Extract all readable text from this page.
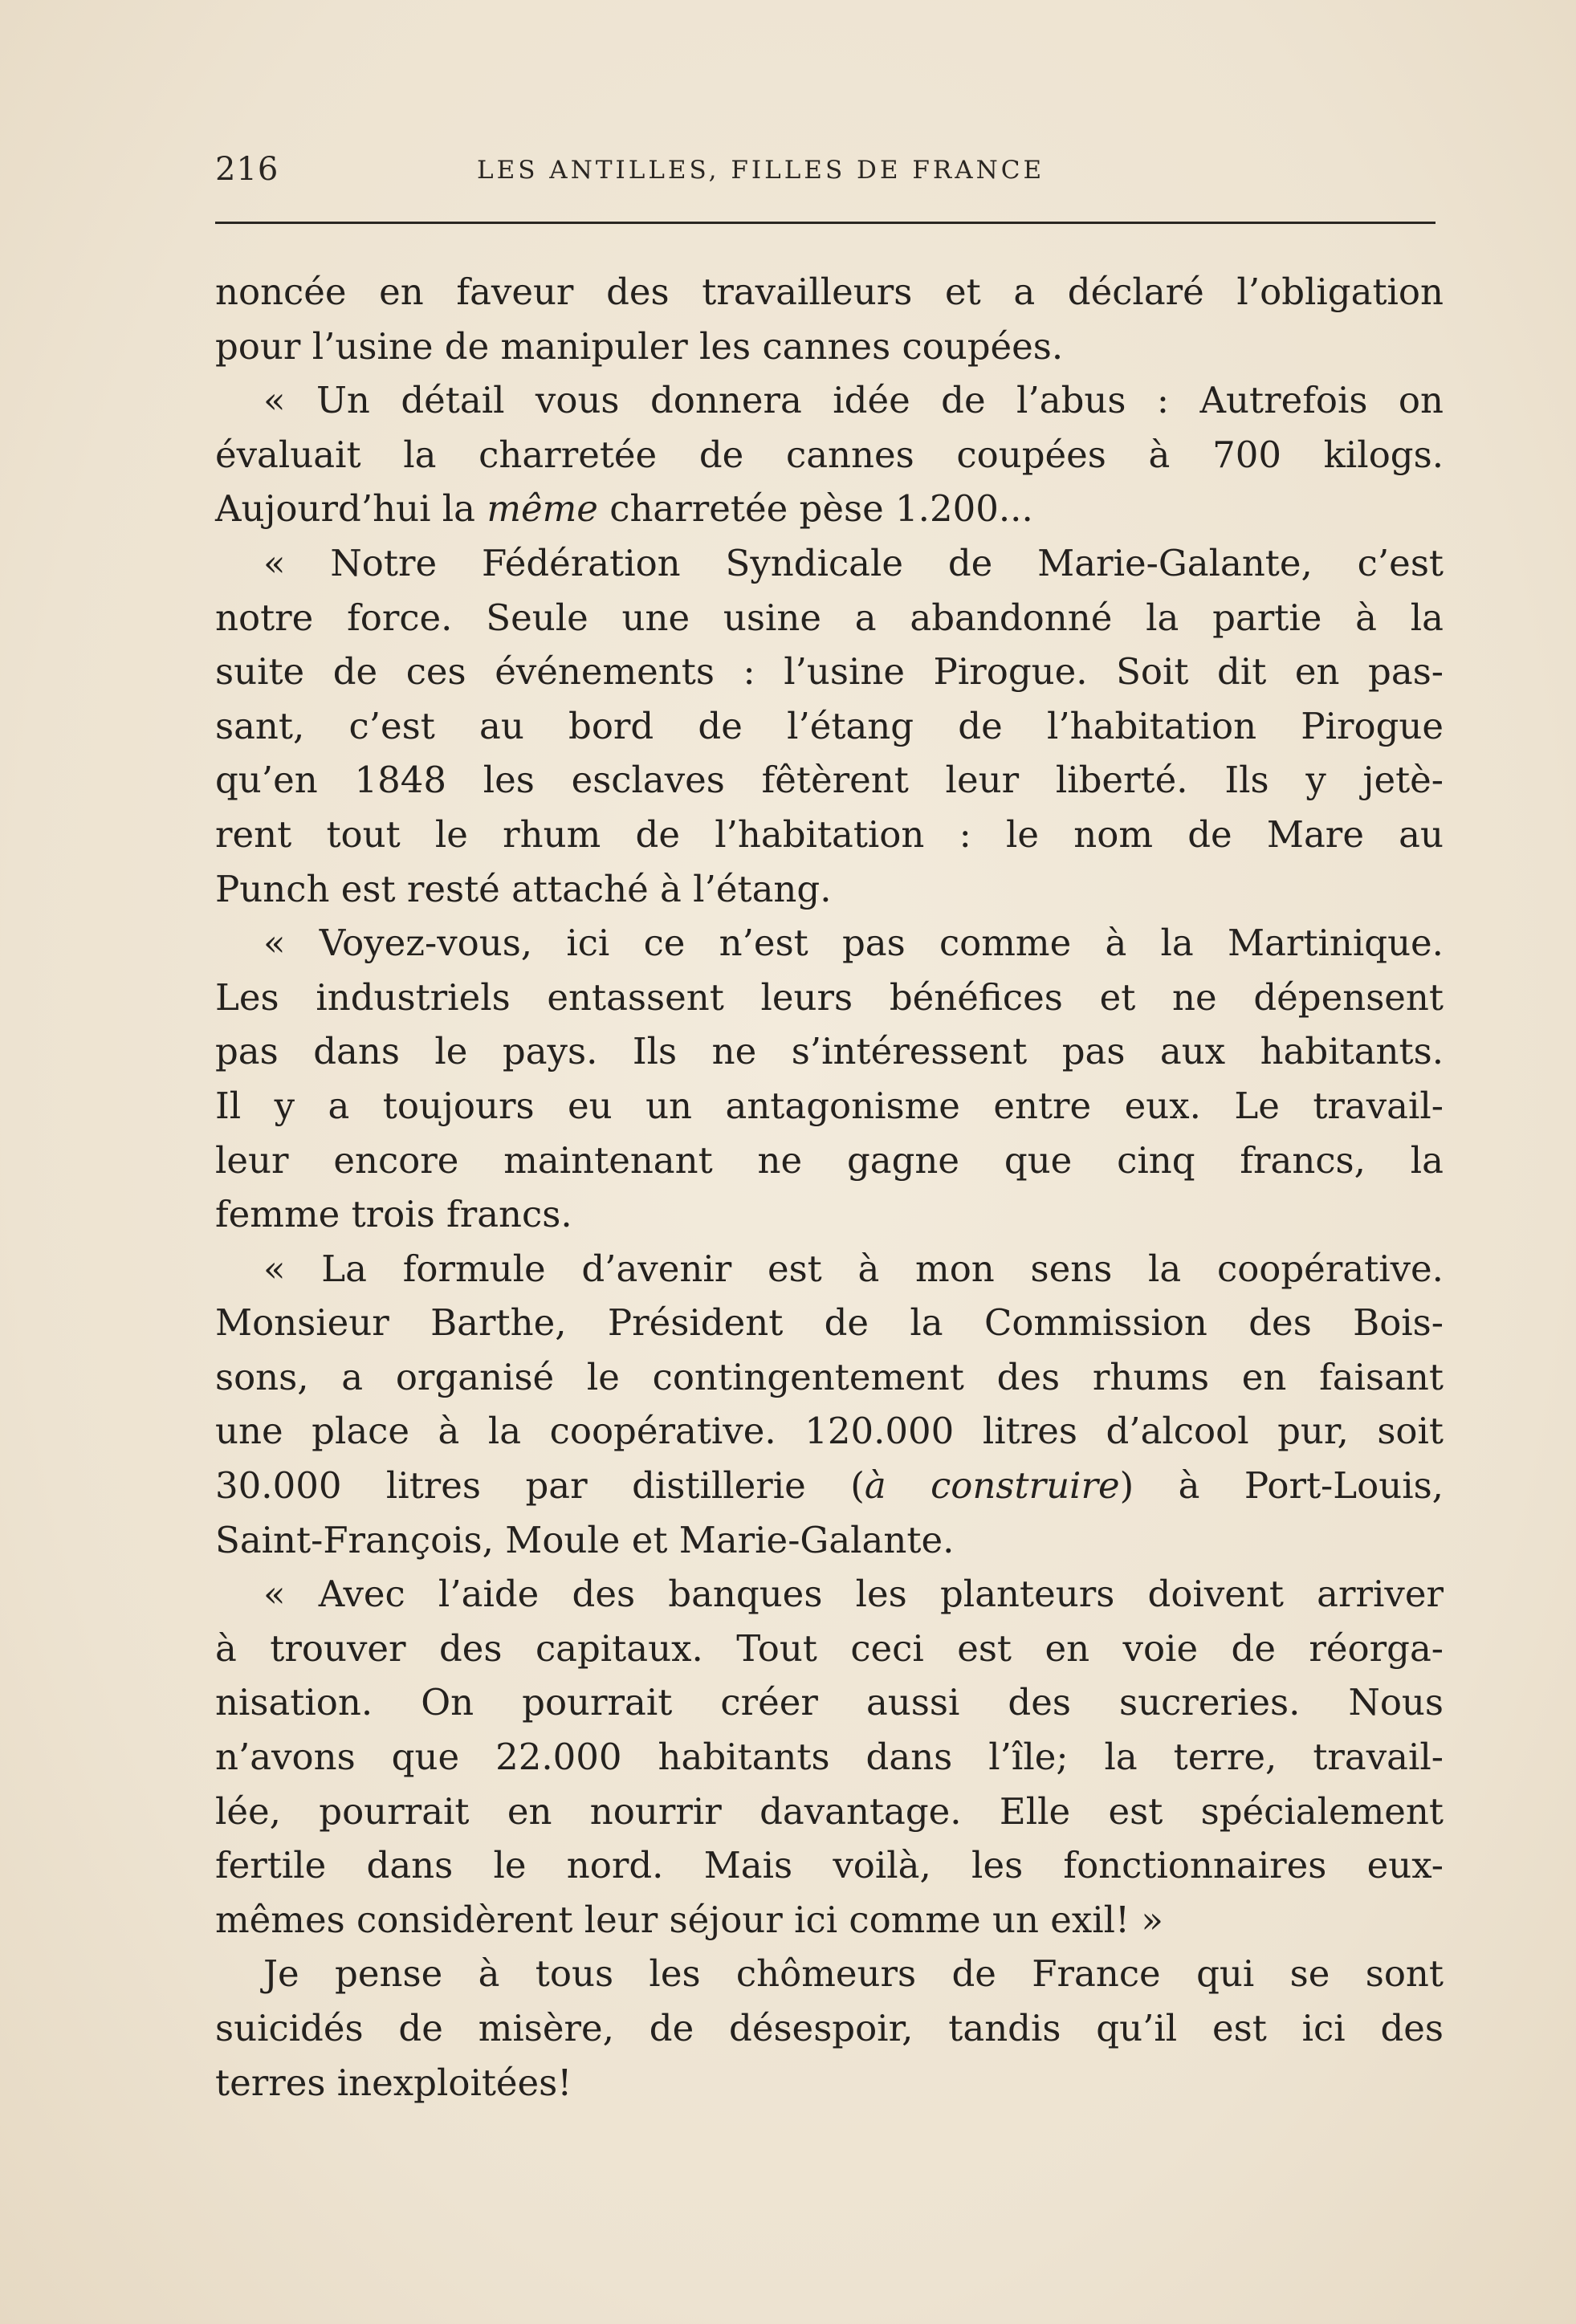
216	LES ANTILLES, FILLES DE FRANCE
noncée en faveur des travailleurs et a déclaré l’obligation
pour l’usine de manipuler les cannes coupées.
« Un détail vous donnera idée de l’abus : Autrefois on
évaluait la charretée de cannes coupées à 700 kilogs.
Aujourd’hui la même charretée pèse 1.200...
« Notre Fédération Syndicale de Marie-Galante, c’est
notre force. Seule une usine a abandonné la partie à la
suite de ces événements : l’usine Pirogue. Soit dit en pas-
sant, c’est au bord de l’étang de l’habitation Pirogue
qu’en 1848 les esclaves fêtèrent leur liberté. Ils y jetè-
rent tout le rhum de l’habitation : le nom de Mare au
Punch est resté attaché à l’étang.
« Voyez-vous, ici ce n’est pas comme à la Martinique.
Les industriels entassent leurs bénéfices et ne dépensent
pas dans le pays. Ils ne s’intéressent pas aux habitants.
Il y a toujours eu un antagonisme entre eux. Le travail-
leur encore maintenant ne gagne que cinq francs, la
femme trois francs.
« La formule d’avenir est à mon sens la coopérative.
Monsieur Barthe, Président de la Commission des Bois-
sons, a organisé le contingentement des rhums en faisant
une place à la coopérative. 120.000 litres d’alcool pur, soit
30.000 litres par distillerie (à construire) à Port-Louis,
Saint-François, Moule et Marie-Galante.
« Avec l’aide des banques les planteurs doivent arriver
à trouver des capitaux. Tout ceci est en voie de réorga-
nisation. On pourrait créer aussi des sucreries. Nous
n’avons que 22.000 habitants dans l’île; la terre, travail-
lée, pourrait en nourrir davantage. Elle est spécialement
fertile dans le nord. Mais voilà, les fonctionnaires eux-
mêmes considèrent leur séjour ici comme un exil! »
Je pense à tous les chômeurs de France qui se sont
suicidés de misère, de désespoir, tandis qu’il est ici des
terres inexploitées!
